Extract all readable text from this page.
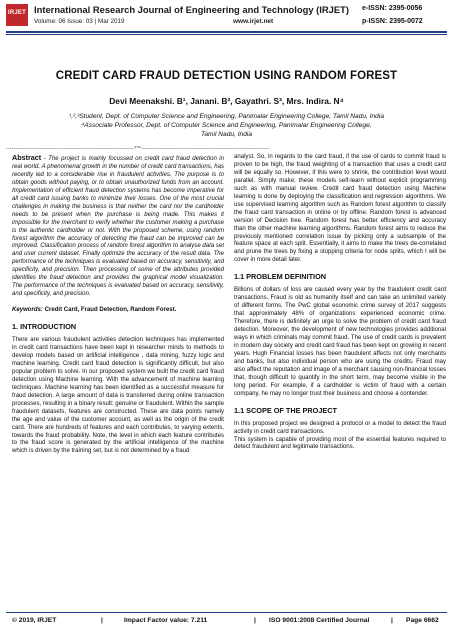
IRJET International Research Journal of Engineering and Technology (IRJET)
Volume: 06 Issue: 03 | Mar 2019	www.irjet.net
e-ISSN: 2395-0056
p-ISSN: 2395-0072
CREDIT CARD FRAUD DETECTION USING RANDOM FOREST
Devi Meenakshi. B¹, Janani. B², Gayathri. S³, Mrs. Indira. N⁴
¹,²,³Student, Dept. of Computer Science and Engineering, Panimalar Engineering College, Tamil Nadu, India
⁴Associate Professor, Dept. of Computer Science and Engineering, Panimalar Engineering College,
Tamil Nadu, India
---------------------------------------------------------------------***---------------------------------------------------------------------

Abstract - The project is mainly focussed on credit card fraud detection in real world. A phenomenal growth in the number of credit card transactions, has recently led to a considerable rise in fraudulent activities. The purpose is to obtain goods without paying, or to obtain unauthorized funds from an account. Implementation of efficient fraud detection systems has become imperative for all credit card issuing banks to minimize their losses. One of the most crucial challenges in making the business is that neither the card nor the cardholder needs to be present when the purchase is being made. This makes it impossible for the merchant to verify whether the customer making a purchase is the authentic cardholder or not. With the proposed scheme, using random forest algorithm the accuracy of detecting the fraud can be improved can be improved. Classification process of random forest algorithm to analyse data set and user current dataset. Finally optimize the accuracy of the result data. The performance of the techniques is evaluated based on accuracy, sensitivity, and specificity, and precision. Then processing of some of the attributes provided identifies the fraud detection and provides the graphical model visualization. The performance of the techniques is evaluated based on accuracy, sensitivity, and specificity, and precision.

Keywords: Credit Card, Fraud Detection, Random Forest.

1. INTRODUCTION

There are various fraudulent activities detection techniques has implemented in credit card transactions have been kept in researcher minds to methods to develop models based on artificial intelligence , data mining, fuzzy logic and machine learning. Credit card fraud detection is significantly difficult, but also popular problem to solve. In our proposed system we built the credit card fraud detection using Machine learning. With the advancement of machine learning techniques. Machine learning has been identified as a successful measure for fraud detection. A large amount of data is transferred during online transaction processes, resulting in a binary result: genuine or fraudulent. Within the sample fraudulent datasets, features are constructed. These are data points namely the age and value of the customer account, as well as the origin of the credit card. There are hundreds of features and each contributes, to varying extents, towards the fraud probability. Note, the level in which each feature contributes to the fraud score is generated by the artificial intelligence of the machine which is driven by the training set, but is not determined by a fraud

analyst. So, in regards to the card fraud, if the use of cards to commit fraud is proven to be high, the fraud weighting of a transaction that uses a credit card will be equally so. However, if this were to shrink, the contribution level would parallel. Simply make; these models self-learn without explicit programming such as with manual review. Credit card fraud detection using Machine learning is done by deploying the classification and regression algorithms. We use supervised learning algorithm such as Random forest algorithm to classify the fraud card transaction in online or by offline. Random forest is advanced version of Decision tree. Random forest has better efficiency and accuracy than the other machine learning algorithms. Random forest aims to reduce the previously mentioned correlation issue by picking only a subsample of the feature space at each split. Essentially, it aims to make the trees de-correlated and prune the trees by fixing a stopping criteria for node splits, which I will be cover in more detail later.

1.1 PROBLEM DEFINITION

Billions of dollars of loss are caused every year by the fraudulent credit card transactions. Fraud is old as humanity itself and can take an unlimited variety of different forms. The PwC global economic crime survey of 2017 suggests that approximately 48% of organizations experienced economic crime. Therefore, there is definitely an urge to solve the problem of credit card fraud detection. Moreover, the development of new technologies provides additional ways in which criminals may commit fraud. The use of credit cards is prevalent in modern day society and credit card fraud has been kept on growing in recent years. Hugh Financial losses has been fraudulent affects not only merchants and banks, but also individual person who are using the credits. Fraud may also affect the reputation and image of a merchant causing non-financial losses that, though difficult to quantify in the short term, may become visible in the long period. For example, if a cardholder is victim of fraud with a certain company, he may no longer trust their business and choose a contender.

1.1 SCOPE OF THE PROJECT

In this proposed project we designed a protocol or a model to detect the fraud activity in credit card transactions.

This system is capable of providing most of the essential features required to detect fraudulent and legitimate transactions.

© 2019, IRJET	|	Impact Factor value: 7.211	| ISO 9001:2008 Certified Journal	| Page 6662
